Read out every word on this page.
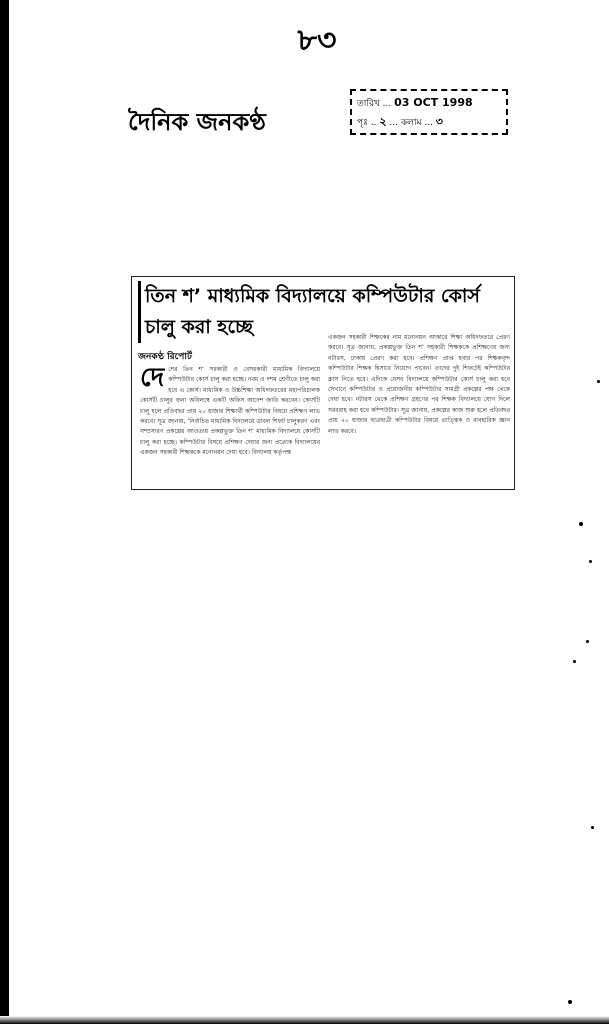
৮৩
দৈনিক জনকণ্ঠ
তারিখ ... 03 OCT 1998
পৃঃ .. ২ ... কলাম ... ৩
তিন শ’ মাধ্যমিক বিদ্যালয়ে কম্পিউটার কোর্স চালু করা হচ্ছে
জনকণ্ঠ রিপোর্ট
দে শের তিন শ’ সরকারী ও বেসরকারী মাধ্যমিক বিদ্যালয়ে কম্পিউটার কোর্স চালু করা হচ্ছে। নবম ও দশম শ্রেণীতে চালু করা হবে এ কোর্স। মাধ্যমিক ও উচ্চশিক্ষা অধিদফতরের মহাপরিচালক কোর্সটি চালুর জন্য অবিলম্বে একটি অফিস আদেশ জারি করবেন। কোর্সটি চালু হলে প্রতিবছর প্রায় ২০ হাজার শিক্ষার্থী কম্পিউটার বিষয়ে প্রশিক্ষণ লাভ করবে। সূত্র জানায়, ‘নির্বাচিত মাধ্যমিক বিদ্যালয়ে ডাবল শিফট চালুকরণ এবং সম্প্রসারণ প্রকল্পের আওতায় প্রকল্পভুক্ত তিন শ’ মাধ্যমিক বিদ্যালয়ে কোর্সটি চালু করা হচ্ছে। কম্পিউটার বিষয়ে প্রশিক্ষণ দেয়ার জন্য প্রত্যেক বিদ্যালয়ের একজন সহকারী শিক্ষককে মনোনয়ন দেয়া হবে। বিদ্যালয় কর্তৃপক্ষ
একজন সহকারী শিক্ষকের নাম মনোনয়ন আকারে শিক্ষা অধিদফতরে প্রেরণ করবে। সূত্র জানায়, প্রকল্পভুক্ত তিন শ’ সহকারী শিক্ষককে প্রশিক্ষণের জন্য নটারস, ঢাকায় প্রেরণ করা হবে। প্রশিক্ষণ প্রাপ্ত হবার পর শিক্ষকবৃন্দ কম্পিউটার শিক্ষক হিসাবে নিয়োগ পাবেন। তাদের দুই শিফটেই কম্পিউটার ক্লাস নিতে হবে। এদিকে যেসব বিদ্যালয়ে কম্পিউটার কোর্স চালু করা হবে সেখানে কম্পিউটার ও প্রয়োজনীয় কম্পিউটার সামগ্রী প্রকল্পের পক্ষ থেকে দেয়া হবে। নটারস থেকে প্রশিক্ষণ গ্রহণের পর শিক্ষক বিদ্যালয়ে যোগ দিলে সরবরাহ করা হবে কম্পিউটার। সূত্র জানায়, প্রকল্পের কাজ শুরু হলে প্রতিবছর প্রায় ২০ হাজার ছাত্রছাত্রী কম্পিউটার বিষয়ে তাত্ত্বিক ও ব্যবহারিক জ্ঞান লাভ করবে।
